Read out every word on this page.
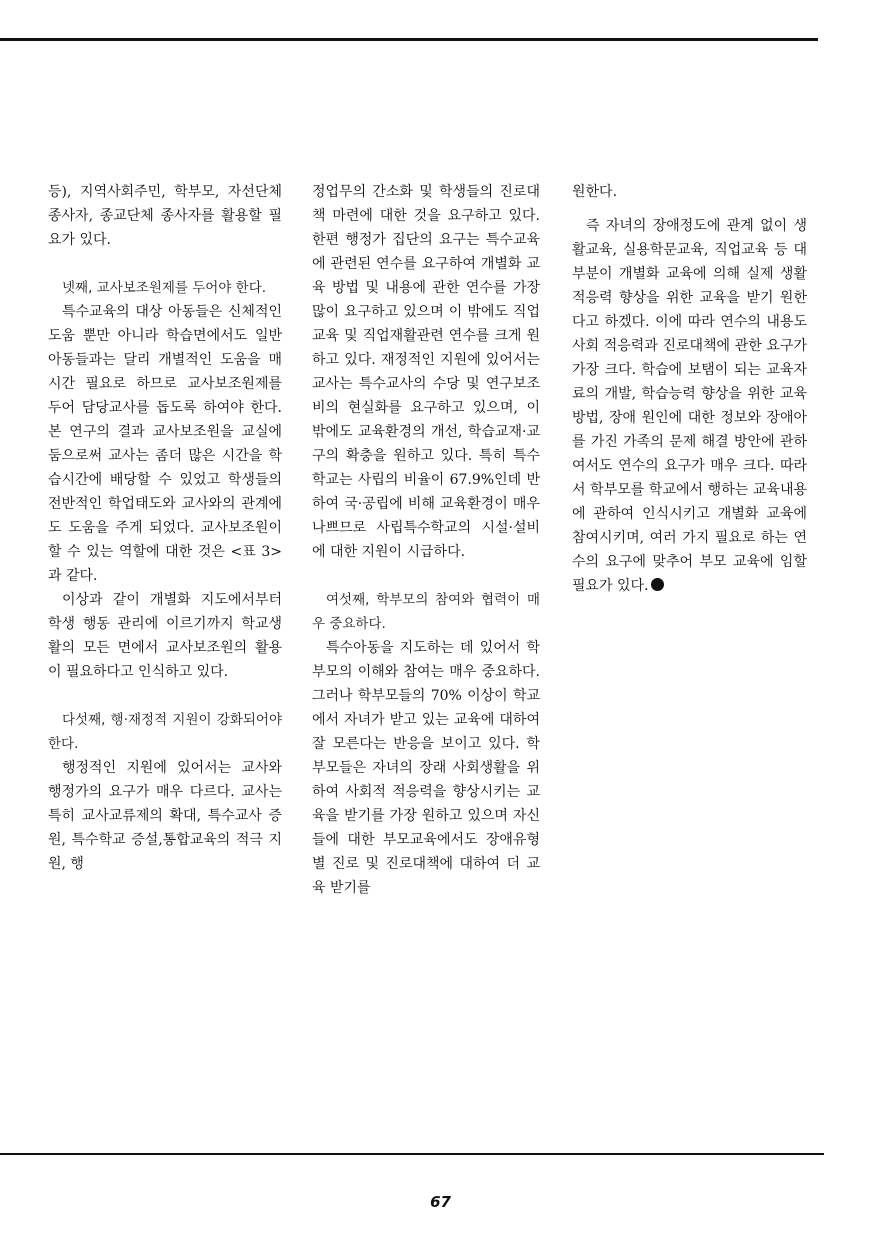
등), 지역사회주민, 학부모, 자선단체 종사자, 종교단체 종사자를 활용할 필요가 있다.

넷째, 교사보조원제를 두어야 한다.

특수교육의 대상 아동들은 신체적인 도움 뿐만 아니라 학습면에서도 일반 아동들과는 달리 개별적인 도움을 매시간 필요로 하므로 교사보조원제를 두어 담당교사를 돕도록 하여야 한다. 본 연구의 결과 교사보조원을 교실에 둠으로써 교사는 좀더 많은 시간을 학습시간에 배당할 수 있었고 학생들의 전반적인 학업태도와 교사와의 관계에도 도움을 주게 되었다. 교사보조원이 할 수 있는 역할에 대한 것은 <표 3>과 같다.

이상과 같이 개별화 지도에서부터 학생 행동 관리에 이르기까지 학교생활의 모든 면에서 교사보조원의 활용이 필요하다고 인식하고 있다.

다섯째, 행·재정적 지원이 강화되어야 한다.

행정적인 지원에 있어서는 교사와 행정가의 요구가 매우 다르다. 교사는 특히 교사교류제의 확대, 특수교사 증원, 특수학교 증설,통합교육의 적극 지원, 행

정업무의 간소화 및 학생들의 진로대책 마련에 대한 것을 요구하고 있다. 한편 행정가 집단의 요구는 특수교육에 관련된 연수를 요구하여 개별화 교육 방법 및 내용에 관한 연수를 가장 많이 요구하고 있으며 이 밖에도 직업교육 및 직업재활관련 연수를 크게 원하고 있다. 재정적인 지원에 있어서는 교사는 특수교사의 수당 및 연구보조비의 현실화를 요구하고 있으며, 이 밖에도 교육환경의 개선, 학습교재·교구의 확충을 원하고 있다. 특히 특수학교는 사립의 비율이 67.9%인데 반하여 국·공립에 비해 교육환경이 매우 나쁘므로 사립특수학교의 시설·설비에 대한 지원이 시급하다.

여섯째, 학부모의 참여와 협력이 매우 중요하다.

특수아동을 지도하는 데 있어서 학부모의 이해와 참여는 매우 중요하다. 그러나 학부모들의 70% 이상이 학교에서 자녀가 받고 있는 교육에 대하여 잘 모른다는 반응을 보이고 있다. 학부모들은 자녀의 장래 사회생활을 위하여 사회적 적응력을 향상시키는 교육을 받기를 가장 원하고 있으며 자신들에 대한 부모교육에서도 장애유형별 진로 및 진로대책에 대하여 더 교육 받기를

원한다.

즉 자녀의 장애정도에 관계 없이 생활교육, 실용학문교육, 직업교육 등 대부분이 개별화 교육에 의해 실제 생활 적응력 향상을 위한 교육을 받기 원한다고 하겠다. 이에 따라 연수의 내용도 사회 적응력과 진로대책에 관한 요구가 가장 크다. 학습에 보탬이 되는 교육자료의 개발, 학습능력 향상을 위한 교육방법, 장애 원인에 대한 정보와 장애아를 가진 가족의 문제 해결 방안에 관하여서도 연수의 요구가 매우 크다. 따라서 학부모를 학교에서 행하는 교육내용에 관하여 인식시키고 개별화 교육에 참여시키며, 여러 가지 필요로 하는 연수의 요구에 맞추어 부모 교육에 임할 필요가 있다.

67
